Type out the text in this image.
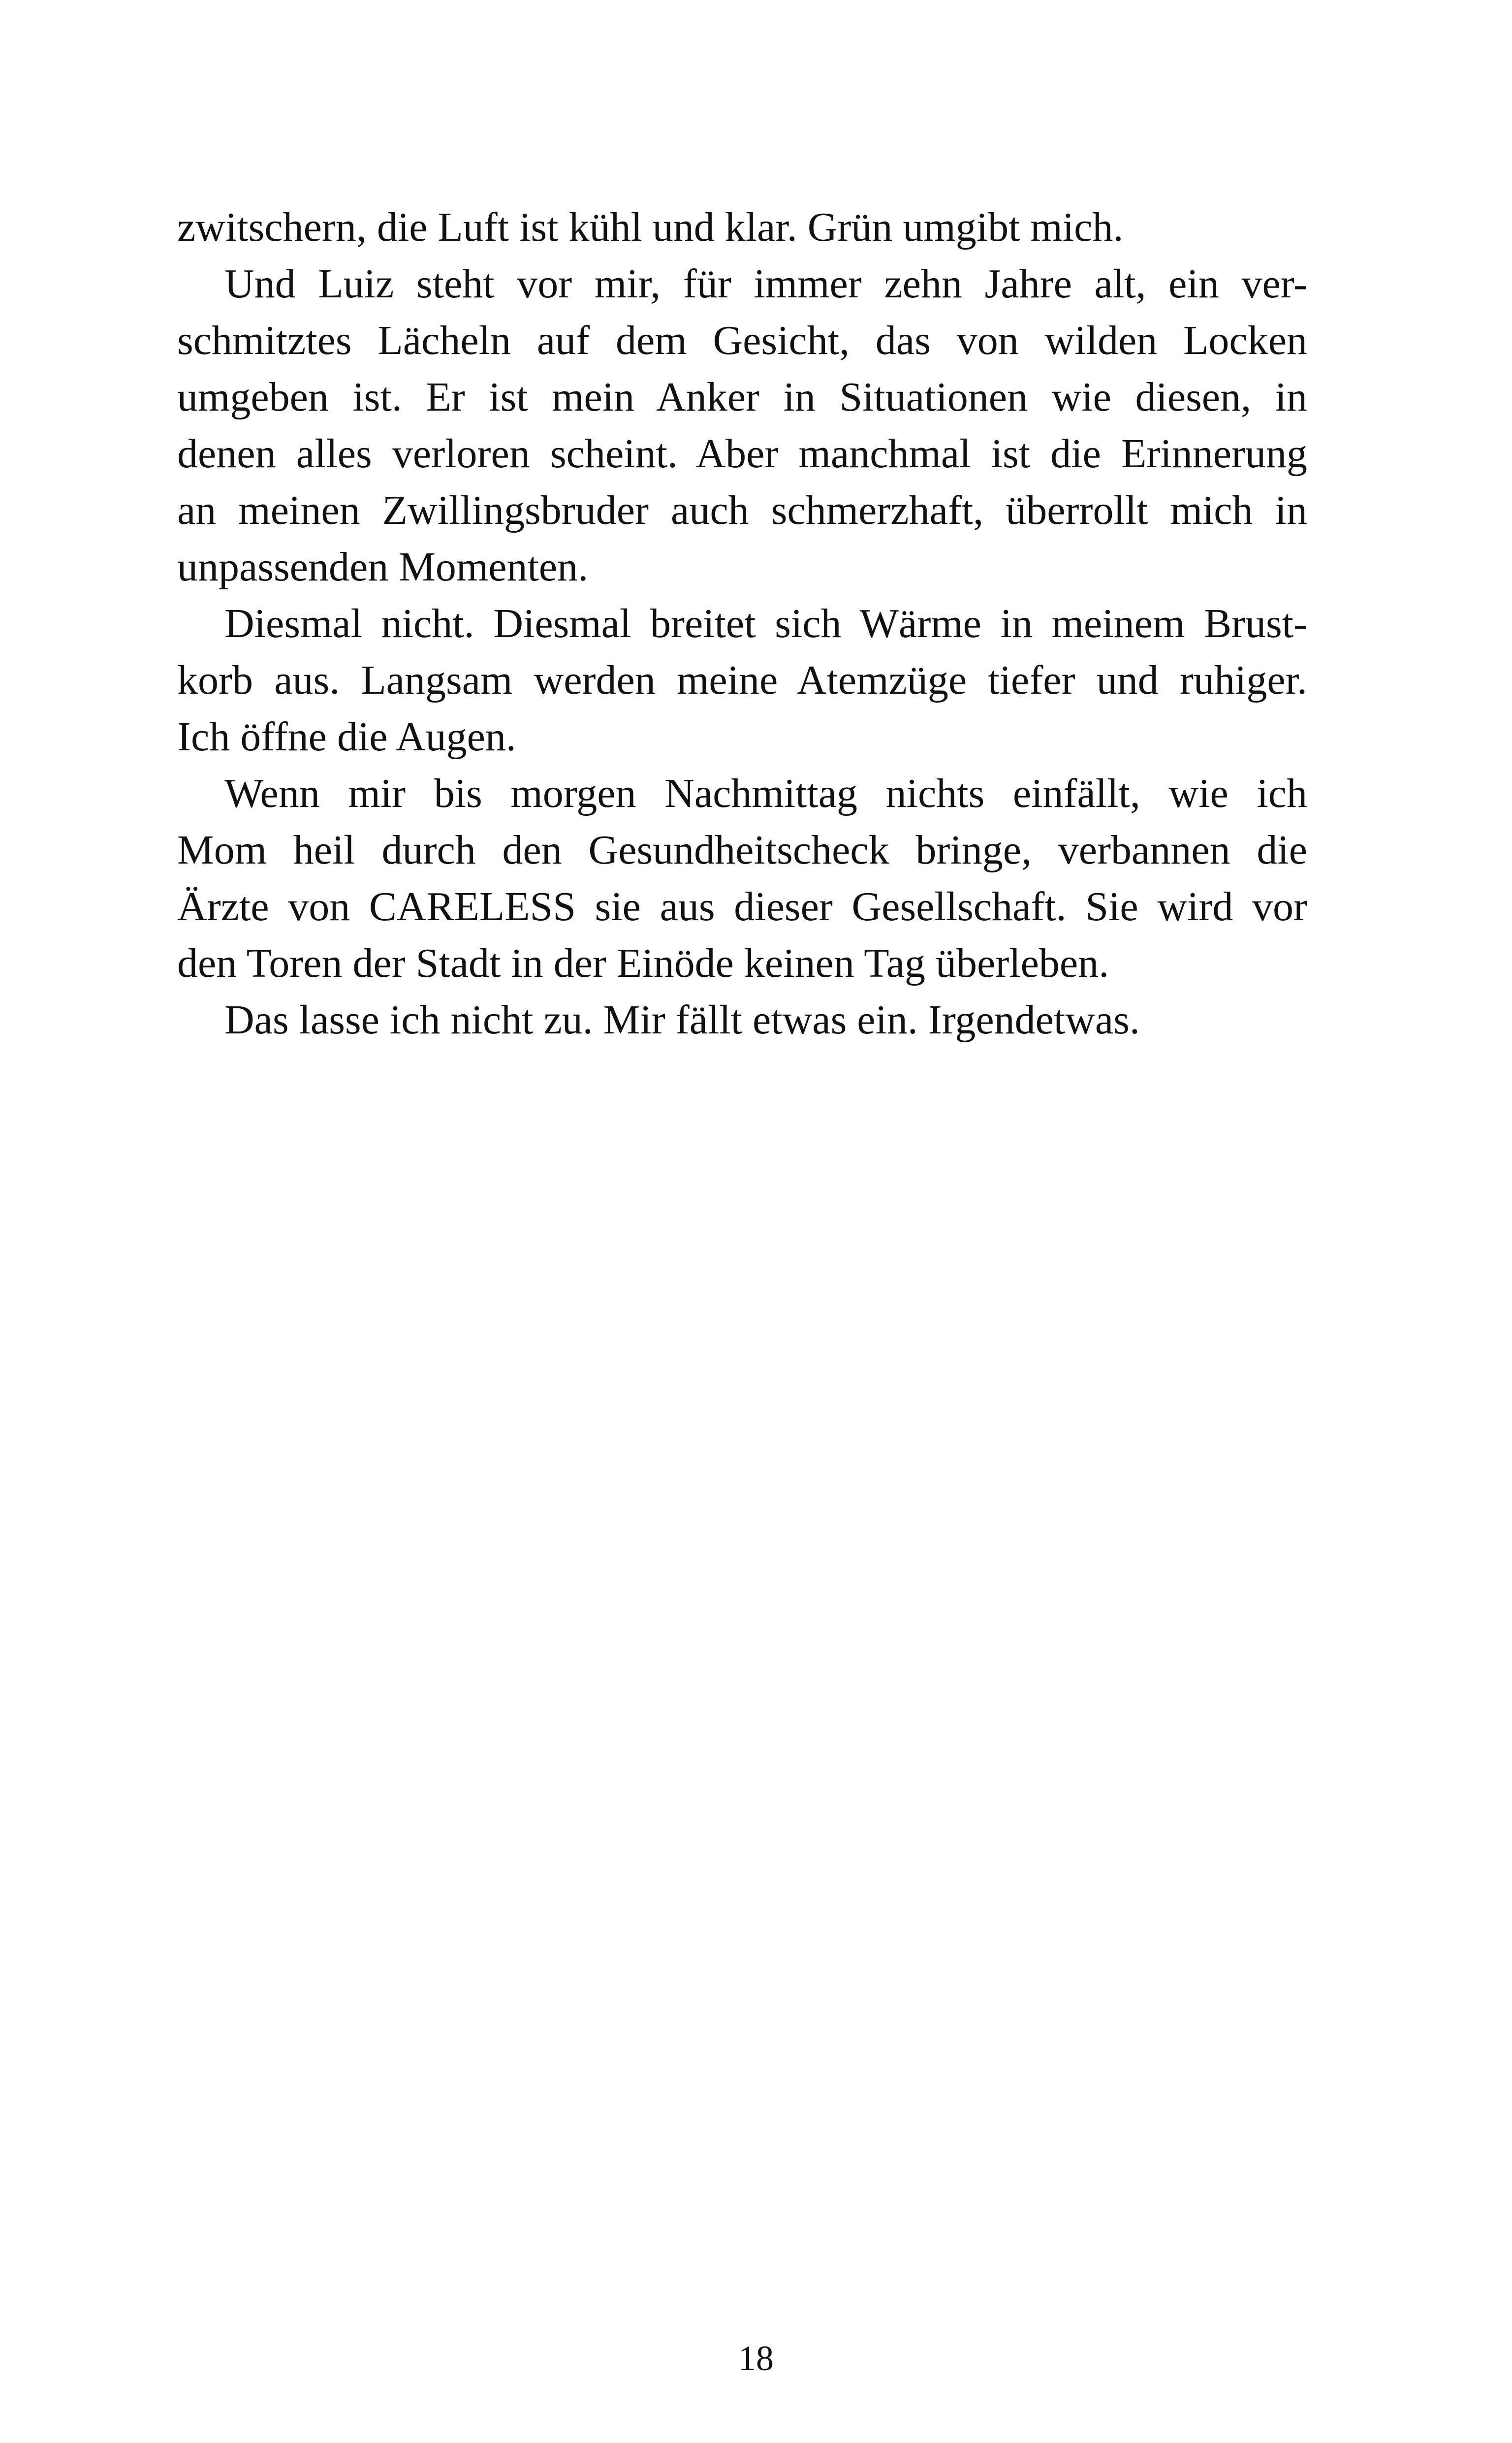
zwitschern, die Luft ist kühl und klar. Grün umgibt mich.
Und Luiz steht vor mir, für immer zehn Jahre alt, ein ver-
schmitztes Lächeln auf dem Gesicht, das von wilden Locken
umgeben ist. Er ist mein Anker in Situationen wie diesen, in
denen alles verloren scheint. Aber manchmal ist die Erinnerung
an meinen Zwillingsbruder auch schmerzhaft, überrollt mich in
unpassenden Momenten.
Diesmal nicht. Diesmal breitet sich Wärme in meinem Brust-
korb aus. Langsam werden meine Atemzüge tiefer und ruhiger.
Ich öffne die Augen.
Wenn mir bis morgen Nachmittag nichts einfällt, wie ich
Mom heil durch den Gesundheitscheck bringe, verbannen die
Ärzte von CARELESS sie aus dieser Gesellschaft. Sie wird vor
den Toren der Stadt in der Einöde keinen Tag überleben.
Das lasse ich nicht zu. Mir fällt etwas ein. Irgendetwas.
18
